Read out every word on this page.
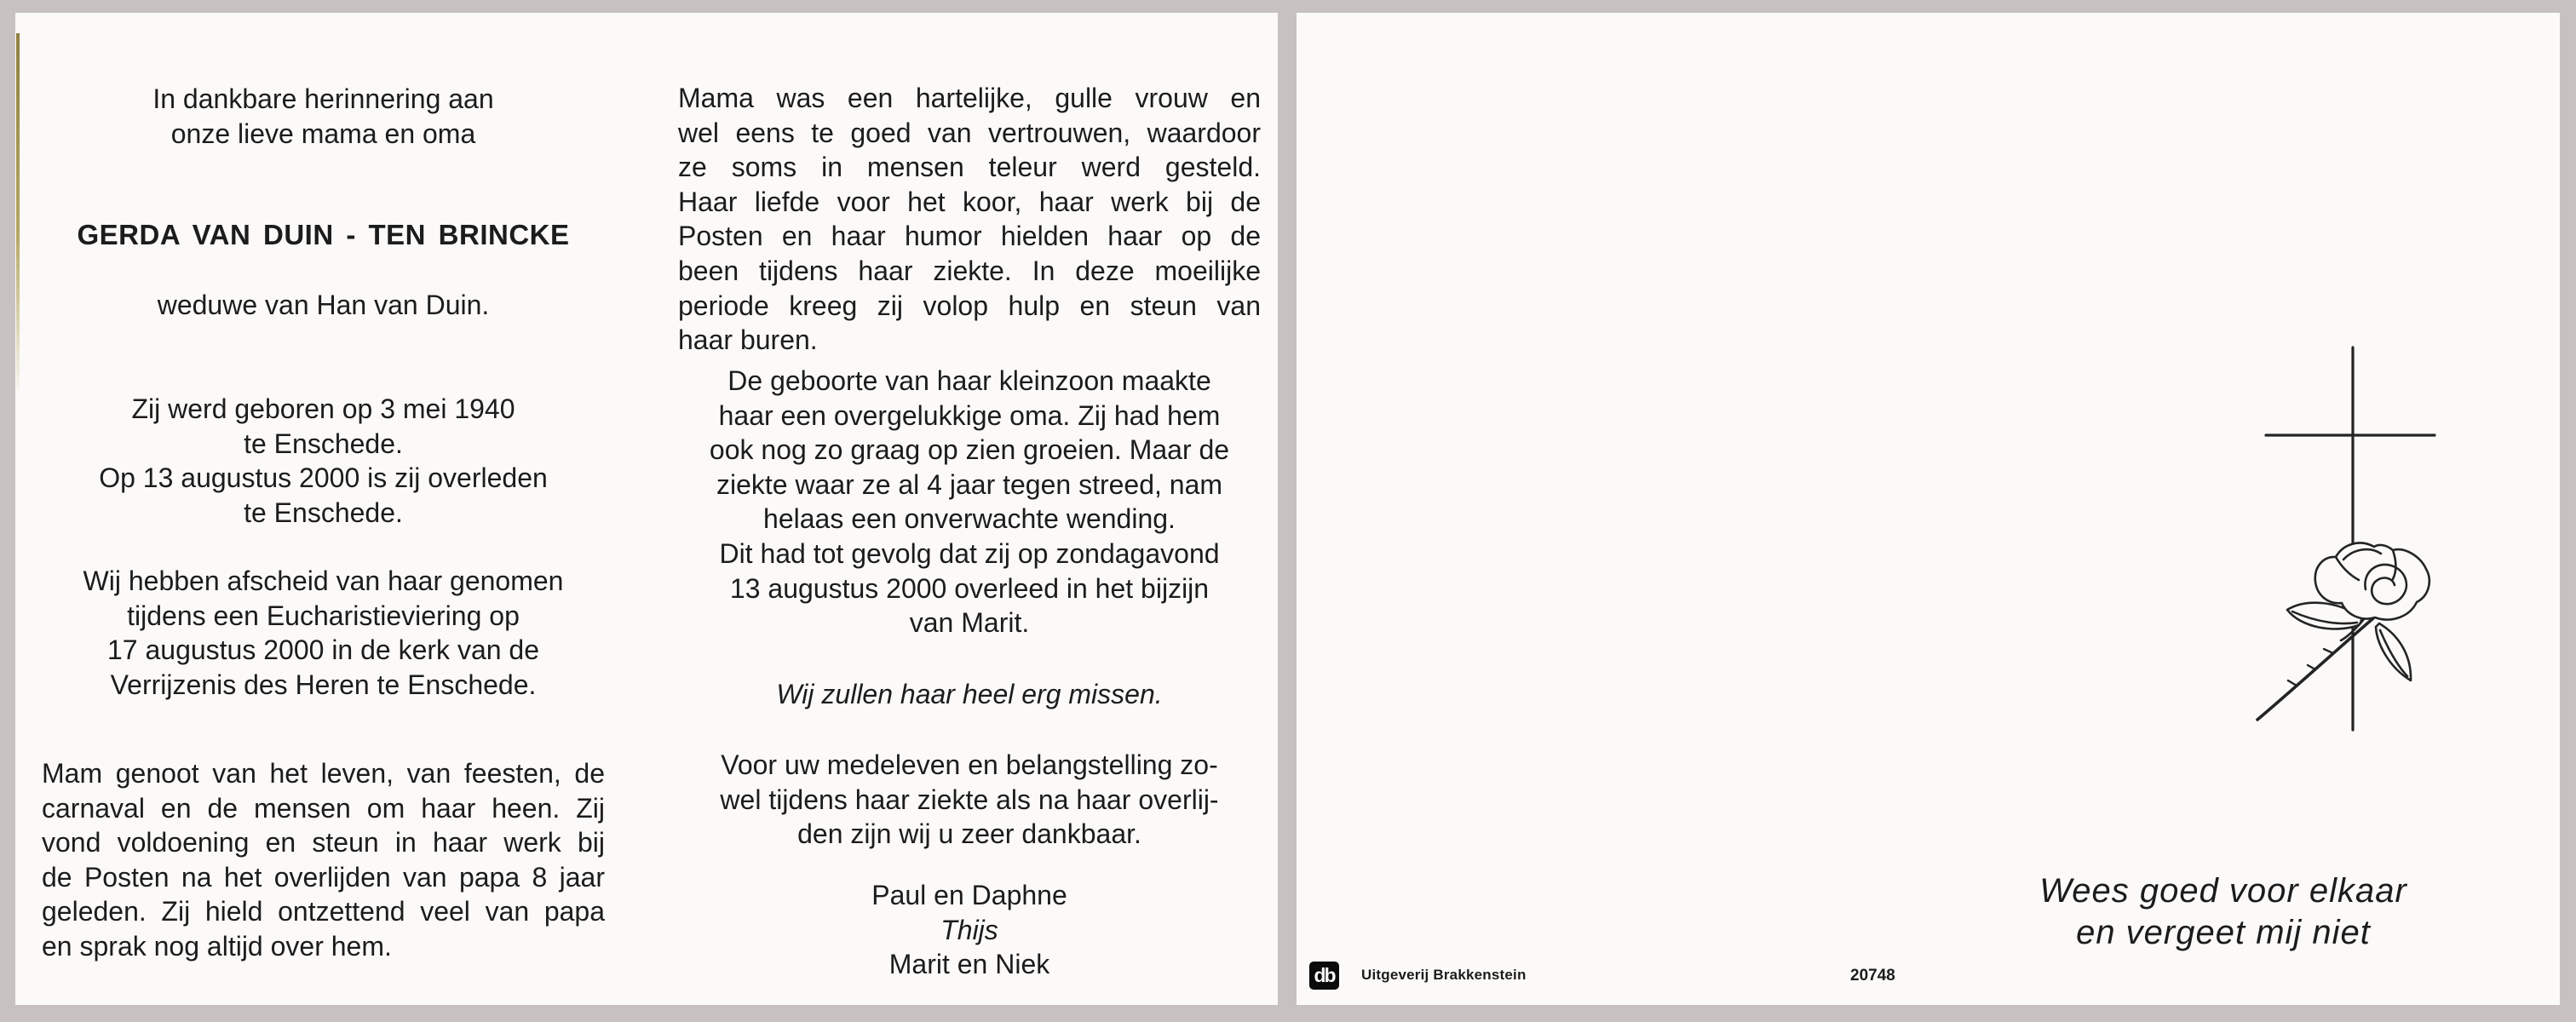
In dankbare herinnering aan
onze lieve mama en oma
GERDA VAN DUIN - TEN BRINCKE
weduwe van Han van Duin.
Zij werd geboren op 3 mei 1940
te Enschede.
Op 13 augustus 2000 is zij overleden
te Enschede.
Wij hebben afscheid van haar genomen
tijdens een Eucharistieviering op
17 augustus 2000 in de kerk van de
Verrijzenis des Heren te Enschede.
Mam genoot van het leven, van feesten, de
carnaval en de mensen om haar heen. Zij
vond voldoening en steun in haar werk bij
de Posten na het overlijden van papa 8 jaar
geleden. Zij hield ontzettend veel van papa
en sprak nog altijd over hem.
Mama was een hartelijke, gulle vrouw en
wel eens te goed van vertrouwen, waardoor
ze soms in mensen teleur werd gesteld.
Haar liefde voor het koor, haar werk bij de
Posten en haar humor hielden haar op de
been tijdens haar ziekte. In deze moeilijke
periode kreeg zij volop hulp en steun van
haar buren.
De geboorte van haar kleinzoon maakte
haar een overgelukkige oma. Zij had hem
ook nog zo graag op zien groeien. Maar de
ziekte waar ze al 4 jaar tegen streed, nam
helaas een onverwachte wending.
Dit had tot gevolg dat zij op zondagavond
13 augustus 2000 overleed in het bijzijn
van Marit.
Wij zullen haar heel erg missen.
Voor uw medeleven en belangstelling zo-
wel tijdens haar ziekte als na haar overlij-
den zijn wij u zeer dankbaar.
Paul en Daphne
Thijs
Marit en Niek
Wees goed voor elkaar
en vergeet mij niet
db	Uitgeverij Brakkenstein	20748
